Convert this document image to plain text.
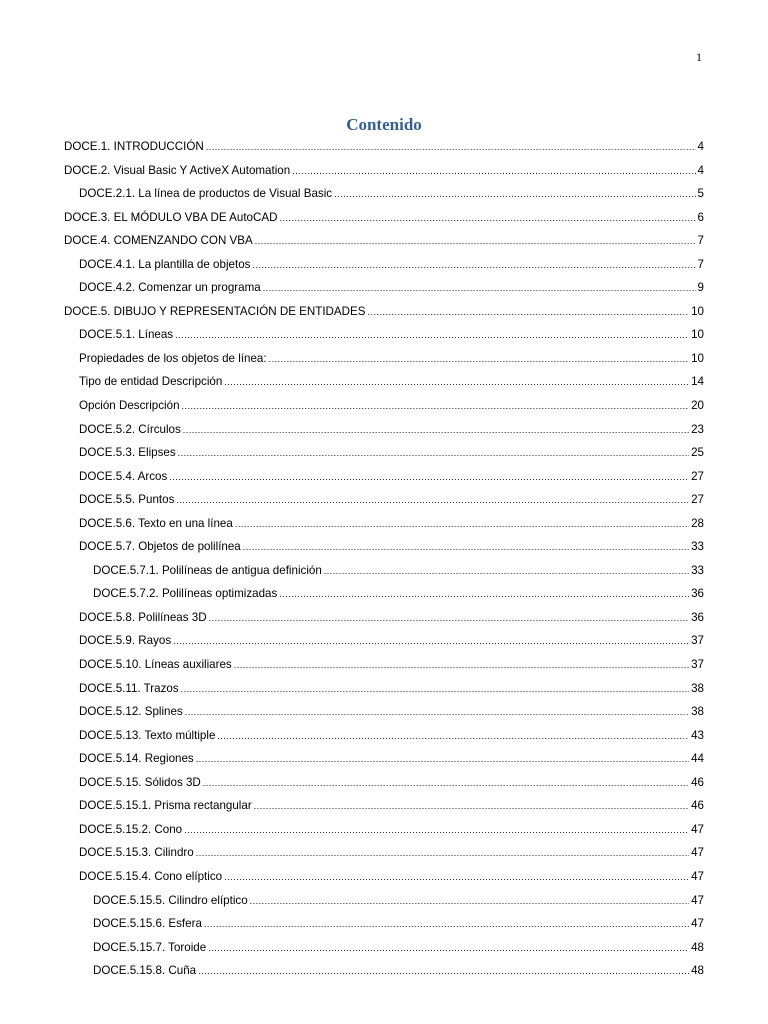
1
Contenido
DOCE.1. INTRODUCCIÓN .....	4
DOCE.2. Visual Basic Y ActiveX Automation .....	4
DOCE.2.1. La línea de productos de Visual Basic .....	5
DOCE.3. EL MÓDULO VBA DE AutoCAD .....	6
DOCE.4. COMENZANDO CON VBA .....	7
DOCE.4.1. La plantilla de objetos .....	7
DOCE.4.2. Comenzar un programa .....	9
DOCE.5. DIBUJO Y REPRESENTACIÓN DE ENTIDADES .....	10
DOCE.5.1. Líneas .....	10
Propiedades de los objetos de línea: .....	10
Tipo de entidad Descripción .....	14
Opción Descripción .....	20
DOCE.5.2. Círculos .....	23
DOCE.5.3. Elipses .....	25
DOCE.5.4. Arcos .....	27
DOCE.5.5. Puntos .....	27
DOCE.5.6. Texto en una línea .....	28
DOCE.5.7. Objetos de polilínea .....	33
DOCE.5.7.1. Polilíneas de antigua definición .....	33
DOCE.5.7.2. Polilíneas optimizadas .....	36
DOCE.5.8. Polilíneas 3D .....	36
DOCE.5.9. Rayos .....	37
DOCE.5.10. Líneas auxiliares .....	37
DOCE.5.11. Trazos .....	38
DOCE.5.12. Splines .....	38
DOCE.5.13. Texto múltiple .....	43
DOCE.5.14. Regiones .....	44
DOCE.5.15. Sólidos 3D .....	46
DOCE.5.15.1. Prisma rectangular .....	46
DOCE.5.15.2. Cono .....	47
DOCE.5.15.3. Cilindro .....	47
DOCE.5.15.4. Cono elíptico .....	47
DOCE.5.15.5. Cilindro elíptico .....	47
DOCE.5.15.6. Esfera .....	47
DOCE.5.15.7. Toroide .....	48
DOCE.5.15.8. Cuña .....	48
